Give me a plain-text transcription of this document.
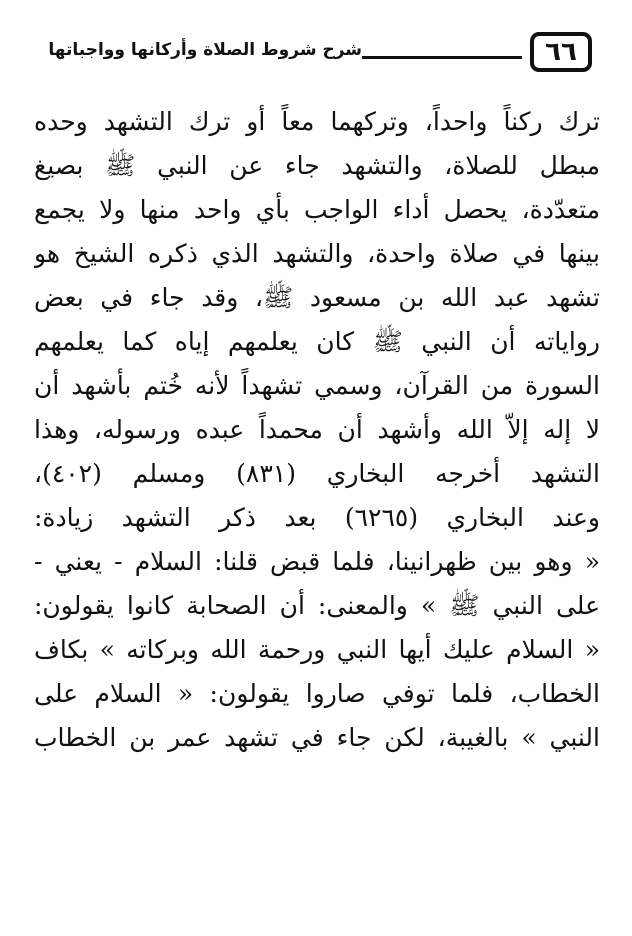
٦٦
شرح شروط الصلاة وأركانها وواجباتها
ترك ركناً واحداً، وتركهما معاً أو ترك التشهد وحده
مبطل للصلاة، والتشهد جاء عن النبي ﷺ بصيغ
متعدّدة، يحصل أداء الواجب بأي واحد منها ولا يجمع
بينها في صلاة واحدة، والتشهد الذي ذكره الشيخ هو
تشهد عبد الله بن مسعود ﷺ، وقد جاء في بعض
رواياته أن النبي ﷺ كان يعلمهم إياه كما يعلمهم
السورة من القرآن، وسمي تشهداً لأنه خُتم بأشهد أن
لا إله إلاّ الله وأشهد أن محمداً عبده ورسوله، وهذا
التشهد أخرجه البخاري (٨٣١) ومسلم (٤٠٢)،
وعند البخاري (٦٢٦٥) بعد ذكر التشهد زيادة:
« وهو بين ظهرانينا، فلما قبض قلنا: السلام - يعني -
على النبي ﷺ » والمعنى: أن الصحابة كانوا يقولون:
« السلام عليك أيها النبي ورحمة الله وبركاته » بكاف
الخطاب، فلما توفي صاروا يقولون: « السلام على
النبي » بالغيبة، لكن جاء في تشهد عمر بن الخطاب
